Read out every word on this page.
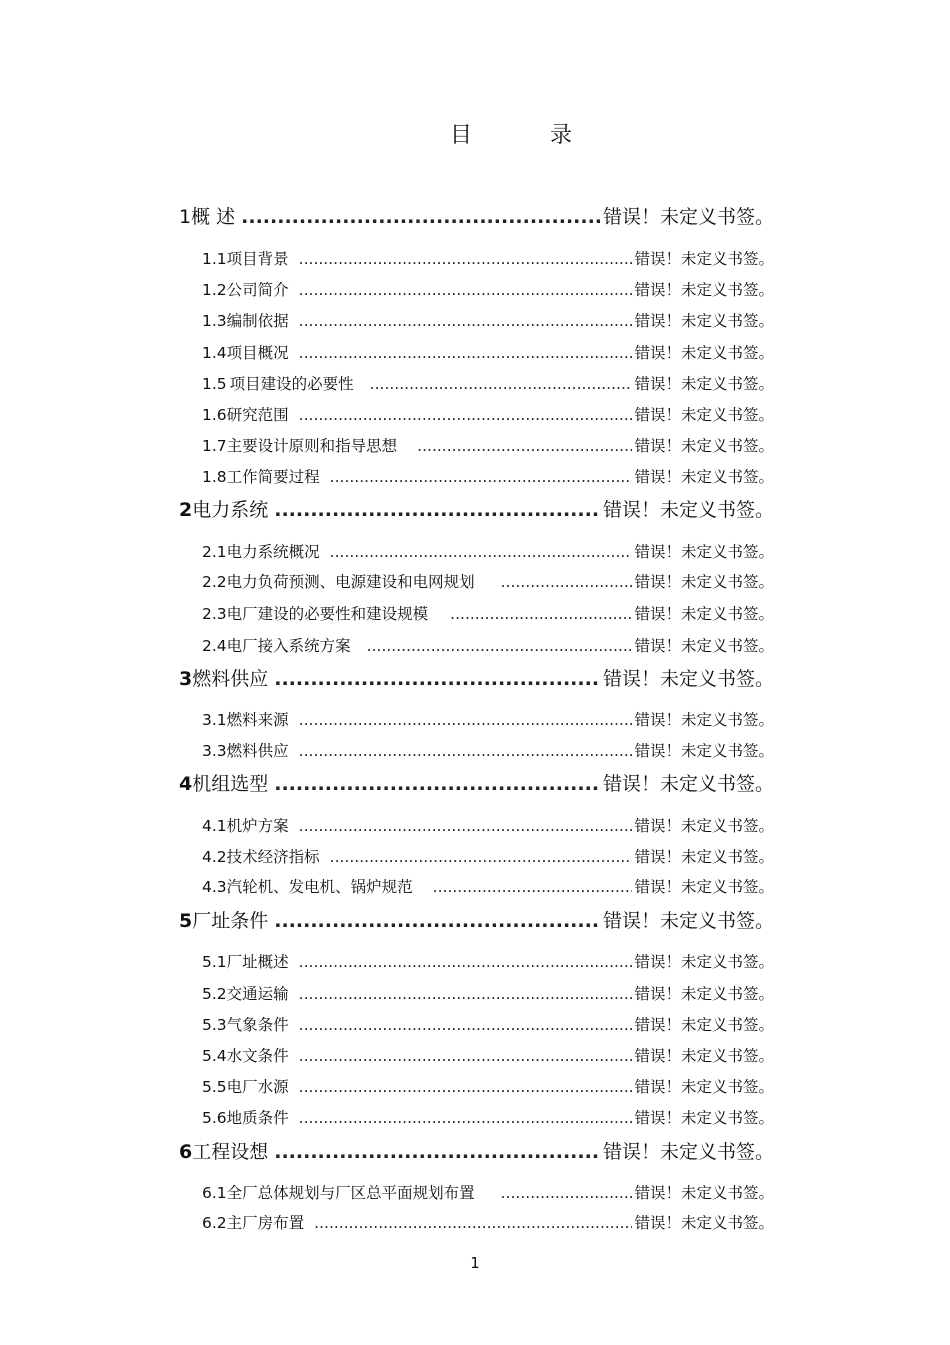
目	录
1 概 述 .....	错误！未定义书签。
1.1 项目背景 .....	错误！未定义书签。
1.2 公司简介 .....	错误！未定义书签。
1.3 编制依据 .....	错误！未定义书签。
1.4 项目概况 .....	错误！未定义书签。
1.5 项目建设的必要性 .....	错误！未定义书签。
1.6 研究范围 .....	错误！未定义书签。
1.7 主要设计原则和指导思想 .....	错误！未定义书签。
1.8 工作简要过程 .....	错误！未定义书签。
2 电力系统 .....	错误！未定义书签。
2.1 电力系统概况 .....	错误！未定义书签。
2.2 电力负荷预测、电源建设和电网规划 .....	错误！未定义书签。
2.3 电厂建设的必要性和建设规模 .....	错误！未定义书签。
2.4 电厂接入系统方案 .....	错误！未定义书签。
3 燃料供应 .....	错误！未定义书签。
3.1 燃料来源 .....	错误！未定义书签。
3.3 燃料供应 .....	错误！未定义书签。
4 机组选型 .....	错误！未定义书签。
4.1 机炉方案 .....	错误！未定义书签。
4.2 技术经济指标 .....	错误！未定义书签。
4.3 汽轮机、发电机、锅炉规范 .....	错误！未定义书签。
5 厂址条件 .....	错误！未定义书签。
5.1 厂址概述 .....	错误！未定义书签。
5.2 交通运输 .....	错误！未定义书签。
5.3 气象条件 .....	错误！未定义书签。
5.4 水文条件 .....	错误！未定义书签。
5.5 电厂水源 .....	错误！未定义书签。
5.6 地质条件 .....	错误！未定义书签。
6 工程设想 .....	错误！未定义书签。
6.1 全厂总体规划与厂区总平面规划布置 .....	错误！未定义书签。
6.2 主厂房布置 .....	错误！未定义书签。
1
